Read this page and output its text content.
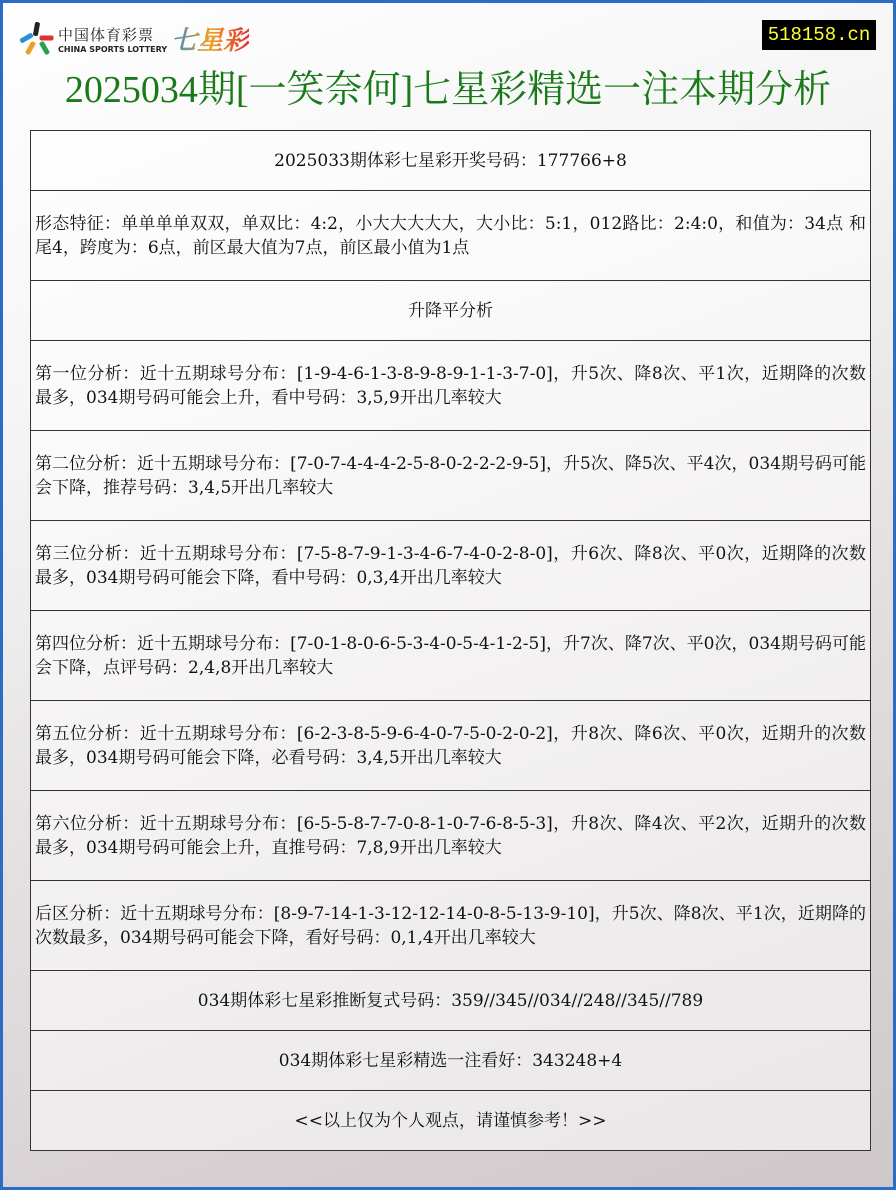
中国体育彩票
CHINA SPORTS LOTTERY 七星彩	518158.cn
2025034期[一笑奈何]七星彩精选一注本期分析
2025033期体彩七星彩开奖号码：177766+8
形态特征：单单单单双双，单双比：4:2，小大大大大大，大小比：5:1，012路比：2:4:0，和值为：34点 和尾4，跨度为：6点，前区最大值为7点，前区最小值为1点
升降平分析
第一位分析：近十五期球号分布：[1-9-4-6-1-3-8-9-8-9-1-1-3-7-0]，升5次、降8次、平1次，近期降的次数最多，034期号码可能会上升，看中号码：3,5,9开出几率较大
第二位分析：近十五期球号分布：[7-0-7-4-4-4-2-5-8-0-2-2-2-9-5]，升5次、降5次、平4次，034期号码可能会下降，推荐号码：3,4,5开出几率较大
第三位分析：近十五期球号分布：[7-5-8-7-9-1-3-4-6-7-4-0-2-8-0]，升6次、降8次、平0次，近期降的次数最多，034期号码可能会下降，看中号码：0,3,4开出几率较大
第四位分析：近十五期球号分布：[7-0-1-8-0-6-5-3-4-0-5-4-1-2-5]，升7次、降7次、平0次，034期号码可能会下降，点评号码：2,4,8开出几率较大
第五位分析：近十五期球号分布：[6-2-3-8-5-9-6-4-0-7-5-0-2-0-2]，升8次、降6次、平0次，近期升的次数最多，034期号码可能会下降，必看号码：3,4,5开出几率较大
第六位分析：近十五期球号分布：[6-5-5-8-7-7-0-8-1-0-7-6-8-5-3]，升8次、降4次、平2次，近期升的次数最多，034期号码可能会上升，直推号码：7,8,9开出几率较大
后区分析：近十五期球号分布：[8-9-7-14-1-3-12-12-14-0-8-5-13-9-10]，升5次、降8次、平1次，近期降的次数最多，034期号码可能会下降，看好号码：0,1,4开出几率较大
034期体彩七星彩推断复式号码：359//345//034//248//345//789
034期体彩七星彩精选一注看好：343248+4
<<以上仅为个人观点，请谨慎参考！>>
